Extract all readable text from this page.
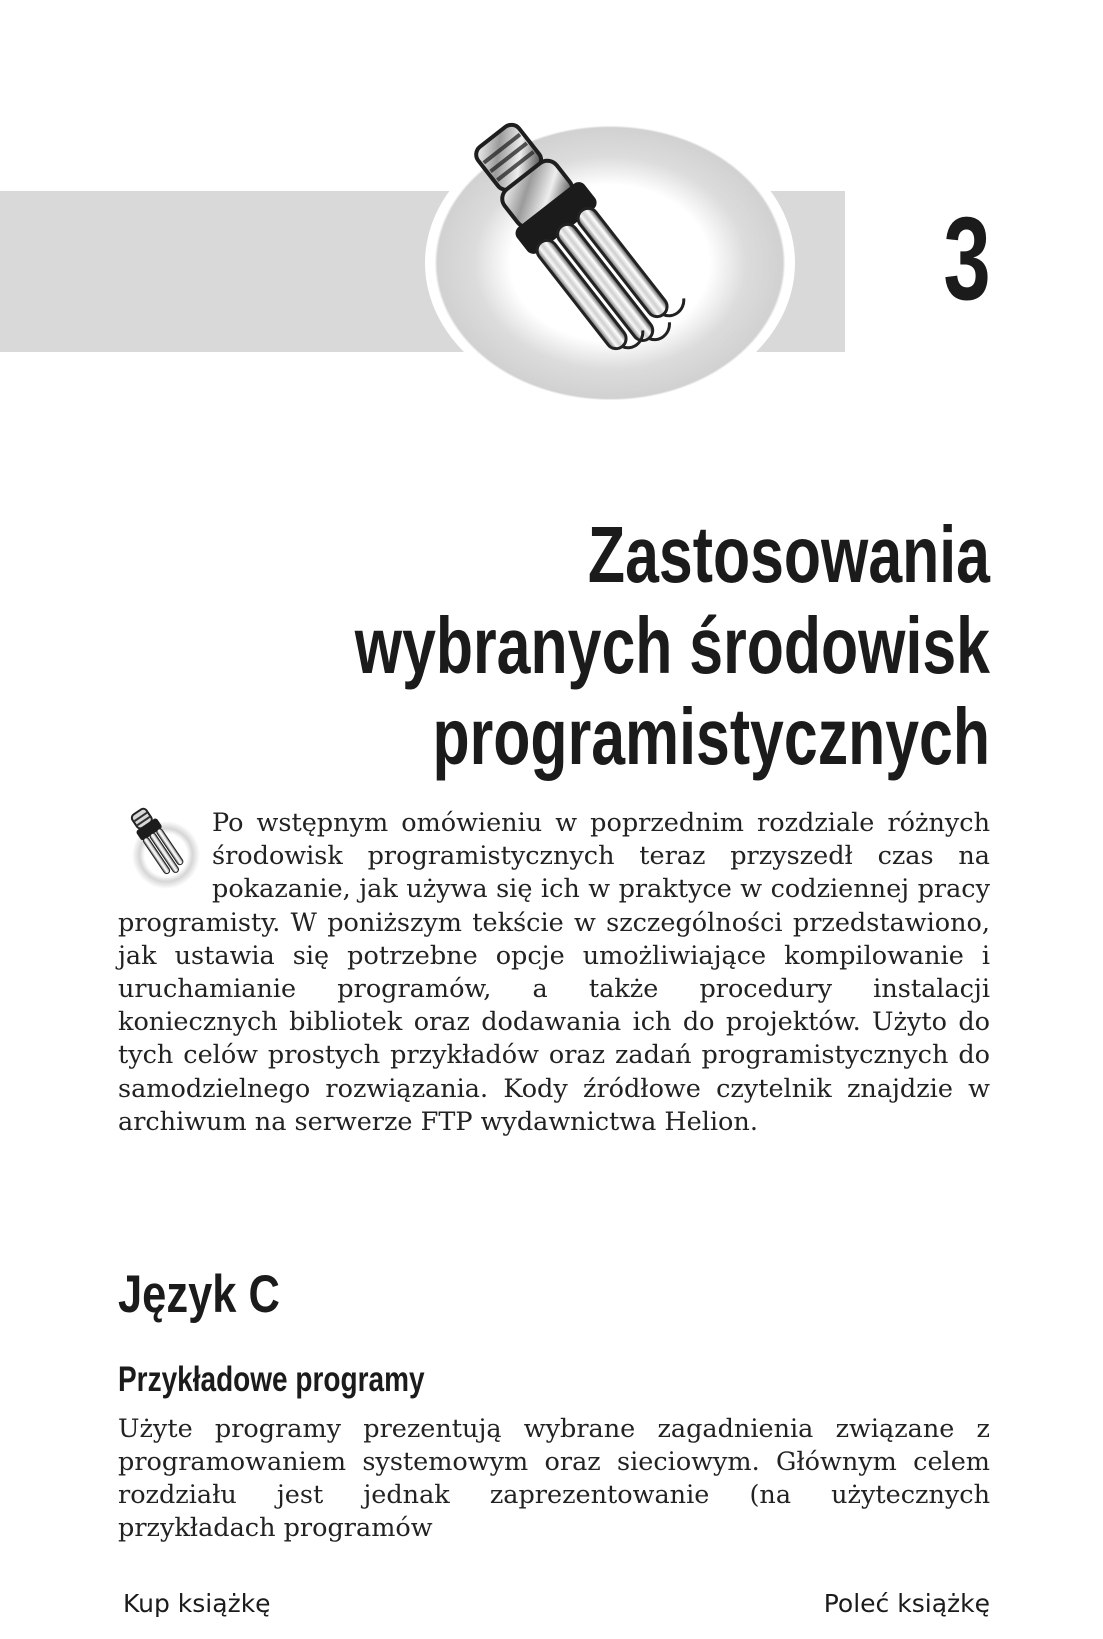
3
Zastosowania
wybranych środowisk
programistycznych
Po wstępnym omówieniu w poprzednim rozdziale różnych środowisk programistycznych teraz przyszedł czas na pokazanie, jak używa się ich w praktyce w codziennej pracy programisty. W poniższym tekście w szczególności przedstawiono, jak ustawia się potrzebne opcje umożliwiające kompilowanie i uruchamianie programów, a także procedury instalacji koniecznych bibliotek oraz dodawania ich do projektów. Użyto do tych celów prostych przykładów oraz zadań programistycznych do samodzielnego rozwiązania. Kody źródłowe czytelnik znajdzie w archiwum na serwerze FTP wydawnictwa Helion.
Język C
Przykładowe programy

Użyte programy prezentują wybrane zagadnienia związane z programowaniem systemowym oraz sieciowym. Głównym celem rozdziału jest jednak zaprezentowanie (na użytecznych przykładach programów

Kup książkę	Poleć książkę
